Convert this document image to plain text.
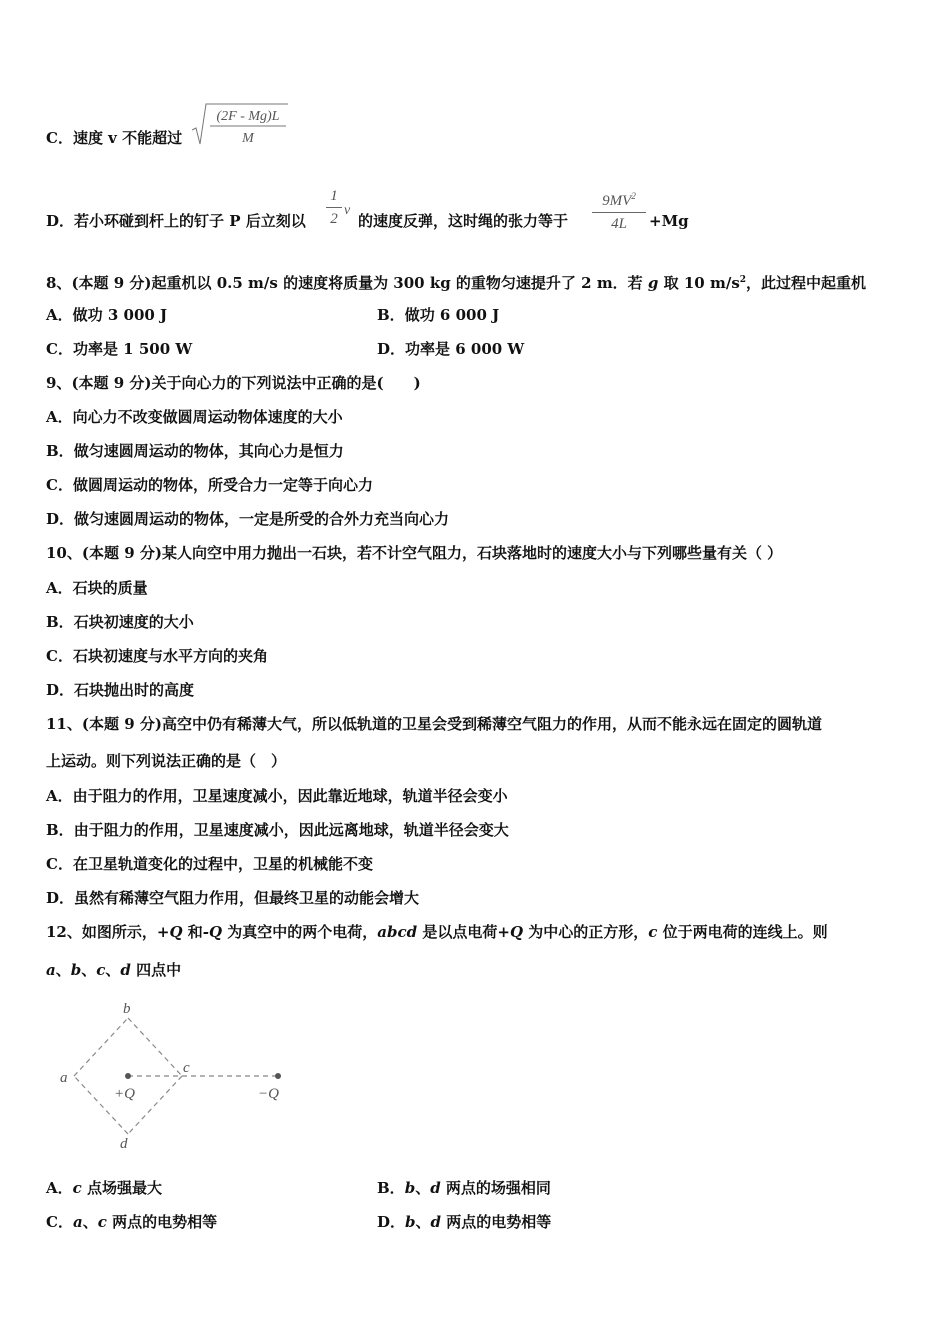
C．速度 v 不能超过
(2F - Mg)L
M
D．若小环碰到杆上的钉子 P 后立刻以
1
2
v
的速度反弹，这时绳的张力等于
$9MV^2$
4L	+Mg
8、(本题 9 分)起重机以 0.5 m/s 的速度将质量为 300 kg 的重物匀速提升了 2 m．若 g 取 10 $m/s^2$，此过程中起重机
A．做功 3 000 J	B．做功 6 000 J
C．功率是 1 500 W	D．功率是 6 000 W
9、(本题 9 分)关于向心力的下列说法中正确的是(　　)
A．向心力不改变做圆周运动物体速度的大小
B．做匀速圆周运动的物体，其向心力是恒力
C．做圆周运动的物体，所受合力一定等于向心力
D．做匀速圆周运动的物体，一定是所受的合外力充当向心力
10、(本题 9 分)某人向空中用力抛出一石块，若不计空气阻力，石块落地时的速度大小与下列哪些量有关（ ）
A．石块的质量
B．石块初速度的大小
C．石块初速度与水平方向的夹角
D．石块抛出时的高度
11、(本题 9 分)高空中仍有稀薄大气，所以低轨道的卫星会受到稀薄空气阻力的作用，从而不能永远在固定的圆轨道
上运动。则下列说法正确的是（　）
A．由于阻力的作用，卫星速度减小，因此靠近地球，轨道半径会变小
B．由于阻力的作用，卫星速度减小，因此远离地球，轨道半径会变大
C．在卫星轨道变化的过程中，卫星的机械能不变
D．虽然有稀薄空气阻力作用，但最终卫星的动能会增大
12、如图所示，+Q 和-Q 为真空中的两个电荷，abcd 是以点电荷+Q 为中心的正方形，c 位于两电荷的连线上。则
a、b、c、d 四点中
a
b
c
d
+Q	−Q
A．c 点场强最大	B．b、d 两点的场强相同
C．a、c 两点的电势相等	D．b、d 两点的电势相等
